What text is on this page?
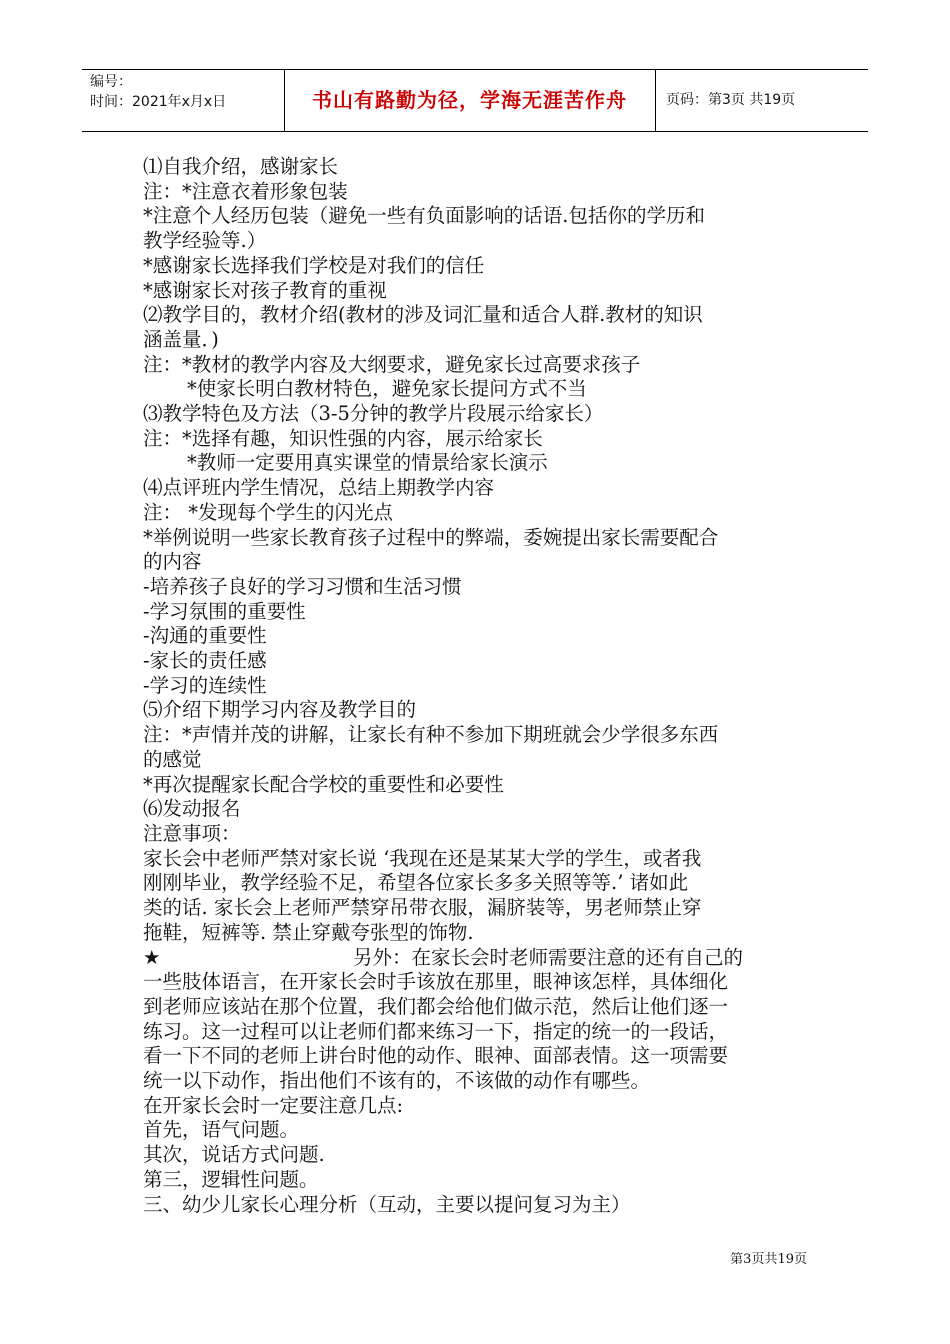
编号：
时间：2021年x月x日	书山有路勤为径，学海无涯苦作舟	页码：第3页 共19页

⑴自我介绍，感谢家长

注：*注意衣着形象包装

*注意个人经历包装（避免一些有负面影响的话语.包括你的学历和

教学经验等.）

*感谢家长选择我们学校是对我们的信任

*感谢家长对孩子教育的重视

⑵教学目的，教材介绍(教材的涉及词汇量和适合人群.教材的知识

涵盖量．)

注：*教材的教学内容及大纲要求，避免家长过高要求孩子

*使家长明白教材特色，避免家长提问方式不当

⑶教学特色及方法（3-5分钟的教学片段展示给家长）

注：*选择有趣，知识性强的内容，展示给家长

*教师一定要用真实课堂的情景给家长演示

⑷点评班内学生情况，总结上期教学内容

注： *发现每个学生的闪光点

*举例说明一些家长教育孩子过程中的弊端，委婉提出家长需要配合

的内容

-培养孩子良好的学习习惯和生活习惯

-学习氛围的重要性

-沟通的重要性

-家长的责任感

-学习的连续性

⑸介绍下期学习内容及教学目的

注：*声情并茂的讲解，让家长有种不参加下期班就会少学很多东西

的感觉

*再次提醒家长配合学校的重要性和必要性

⑹发动报名

注意事项：

家长会中老师严禁对家长说 ‘我现在还是某某大学的学生，或者我

刚刚毕业，教学经验不足，希望各位家长多多关照等等.’ 诸如此

类的话. 家长会上老师严禁穿吊带衣服，漏脐装等，男老师禁止穿

拖鞋，短裤等. 禁止穿戴夸张型的饰物.

★	另外：在家长会时老师需要注意的还有自己的

一些肢体语言，在开家长会时手该放在那里，眼神该怎样，具体细化

到老师应该站在那个位置，我们都会给他们做示范，然后让他们逐一

练习。这一过程可以让老师们都来练习一下，指定的统一的一段话，

看一下不同的老师上讲台时他的动作、眼神、面部表情。这一项需要

统一以下动作，指出他们不该有的，不该做的动作有哪些。

在开家长会时一定要注意几点:

首先，语气问题。

其次，说话方式问题.

第三，逻辑性问题。

三、幼少儿家长心理分析（互动，主要以提问复习为主）

第3页共19页
